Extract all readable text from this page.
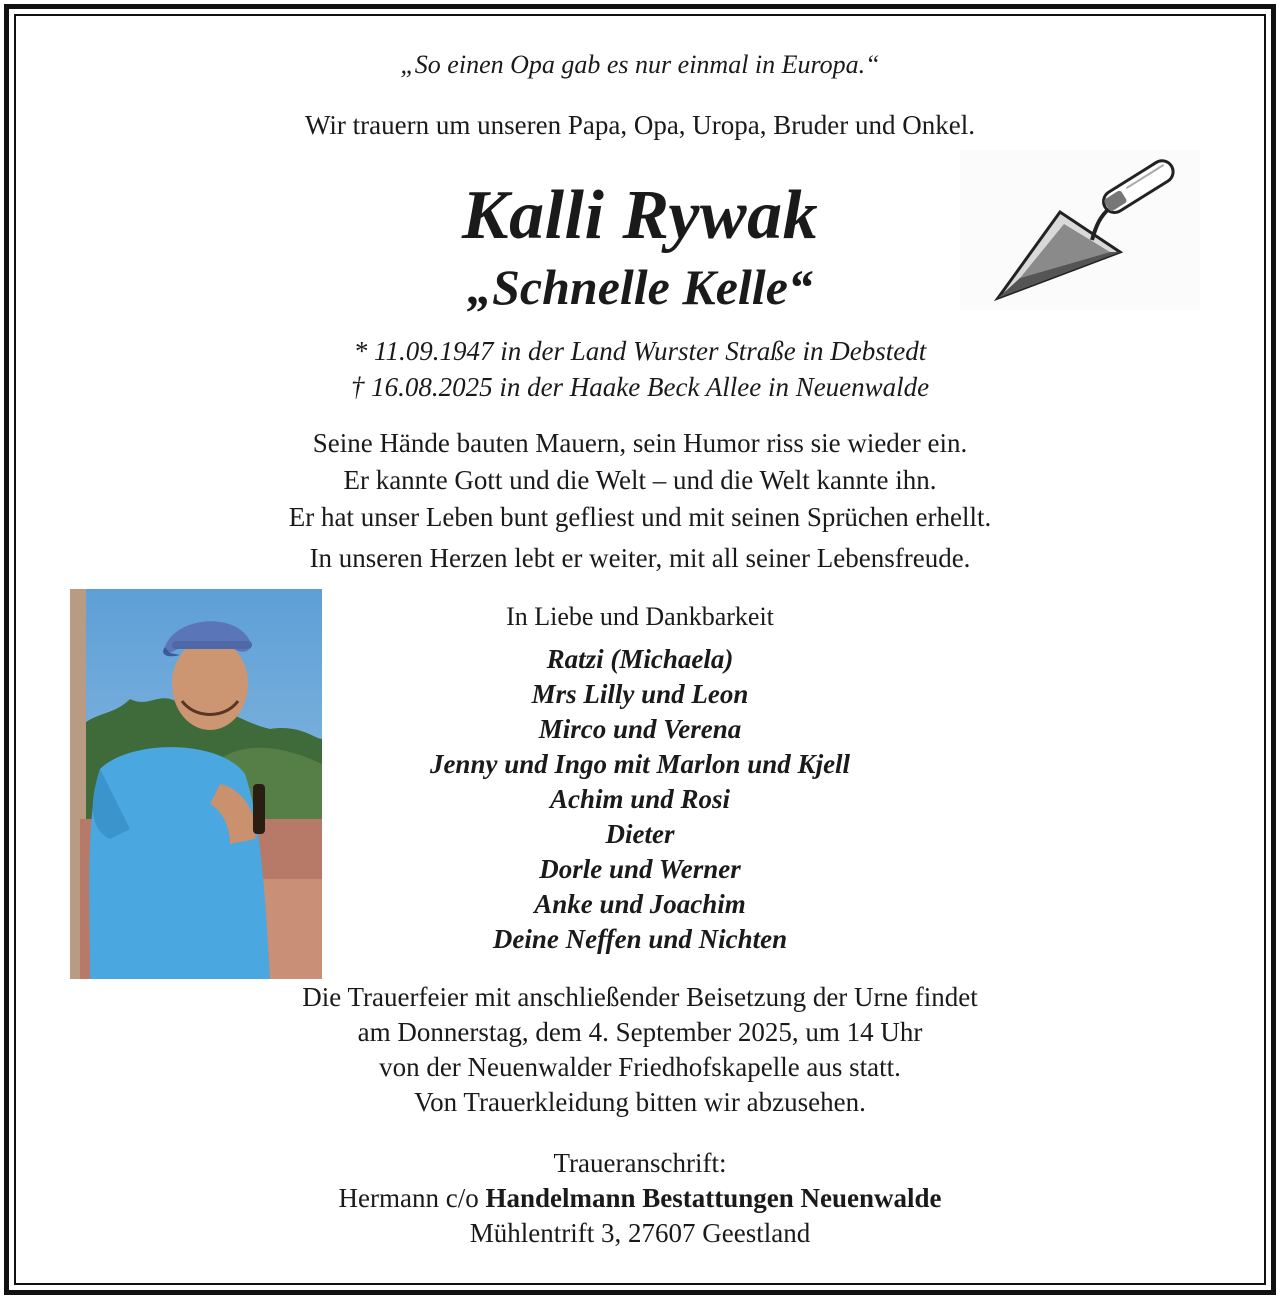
„So einen Opa gab es nur einmal in Europa.“
Wir trauern um unseren Papa, Opa, Uropa, Bruder und Onkel.
Kalli Rywak
„Schnelle Kelle“
* 11.09.1947 in der Land Wurster Straße in Debstedt
† 16.08.2025 in der Haake Beck Allee in Neuenwalde
Seine Hände bauten Mauern, sein Humor riss sie wieder ein.
Er kannte Gott und die Welt – und die Welt kannte ihn.
Er hat unser Leben bunt gefliest und mit seinen Sprüchen erhellt.
In unseren Herzen lebt er weiter, mit all seiner Lebensfreude.
In Liebe und Dankbarkeit
Ratzi (Michaela)
Mrs Lilly und Leon
Mirco und Verena
Jenny und Ingo mit Marlon und Kjell
Achim und Rosi
Dieter
Dorle und Werner
Anke und Joachim
Deine Neffen und Nichten
Die Trauerfeier mit anschließender Beisetzung der Urne findet
am Donnerstag, dem 4. September 2025, um 14 Uhr
von der Neuenwalder Friedhofskapelle aus statt.
Von Trauerkleidung bitten wir abzusehen.
Traueranschrift:
Hermann c/o Handelmann Bestattungen Neuenwalde
Mühlentrift 3, 27607 Geestland
